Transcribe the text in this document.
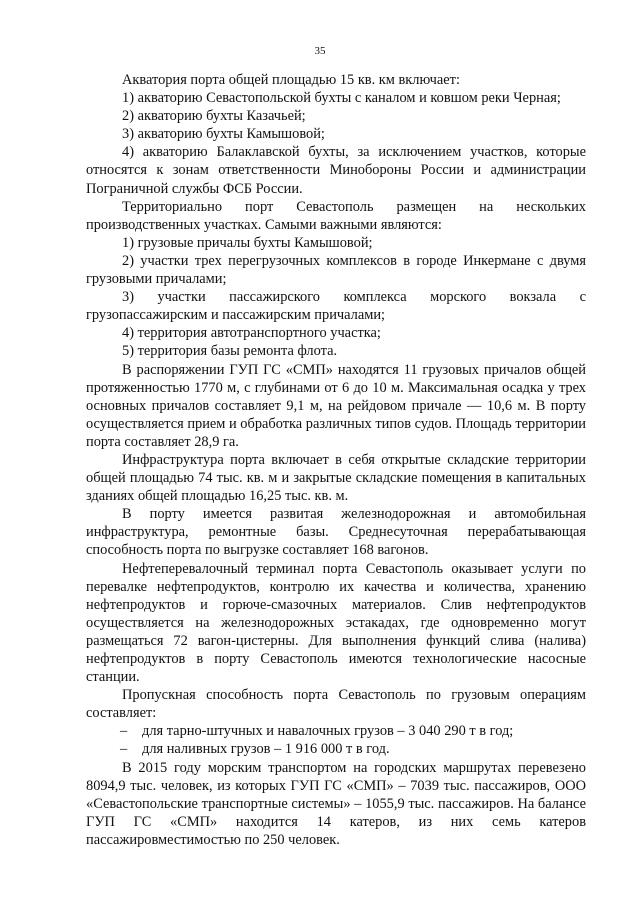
35

Акватория порта общей площадью 15 кв. км включает:

1) акваторию Севастопольской бухты с каналом и ковшом реки Черная;

2) акваторию бухты Казачьей;

3) акваторию бухты Камышовой;

4) акваторию Балаклавской бухты, за исключением участков, которые относятся к зонам ответственности Минобороны России и администрации Пограничной службы ФСБ России.

Территориально порт Севастополь размещен на нескольких производственных участках. Самыми важными являются:

1) грузовые причалы бухты Камышовой;

2) участки трех перегрузочных комплексов в городе Инкермане с двумя грузовыми причалами;

3) участки пассажирского комплекса морского вокзала с грузопассажирским и пассажирским причалами;

4) территория автотранспортного участка;

5) территория базы ремонта флота.

В распоряжении ГУП ГС «СМП» находятся 11 грузовых причалов общей протяженностью 1770 м, с глубинами от 6 до 10 м. Максимальная осадка у трех основных причалов составляет 9,1 м, на рейдовом причале — 10,6 м. В порту осуществляется прием и обработка различных типов судов. Площадь территории порта составляет 28,9 га.

Инфраструктура порта включает в себя открытые складские территории общей площадью 74 тыс. кв. м и закрытые складские помещения в капитальных зданиях общей площадью 16,25 тыс. кв. м.

В порту имеется развитая железнодорожная и автомобильная инфраструктура, ремонтные базы. Среднесуточная перерабатывающая способность порта по выгрузке составляет 168 вагонов.

Нефтеперевалочный терминал порта Севастополь оказывает услуги по перевалке нефтепродуктов, контролю их качества и количества, хранению нефтепродуктов и горюче-смазочных материалов. Слив нефтепродуктов осуществляется на железнодорожных эстакадах, где одновременно могут размещаться 72 вагон-цистерны. Для выполнения функций слива (налива) нефтепродуктов в порту Севастополь имеются технологические насосные станции.

Пропускная способность порта Севастополь по грузовым операциям составляет:

– для тарно-штучных и навалочных грузов – 3 040 290 т в год;

– для наливных грузов – 1 916 000 т в год.

В 2015 году морским транспортом на городских маршрутах перевезено 8094,9 тыс. человек, из которых ГУП ГС «СМП» – 7039 тыс. пассажиров, ООО «Севастопольские транспортные системы» – 1055,9 тыс. пассажиров. На балансе ГУП ГС «СМП» находится 14 катеров, из них семь катеров пассажировместимостью по 250 человек.
